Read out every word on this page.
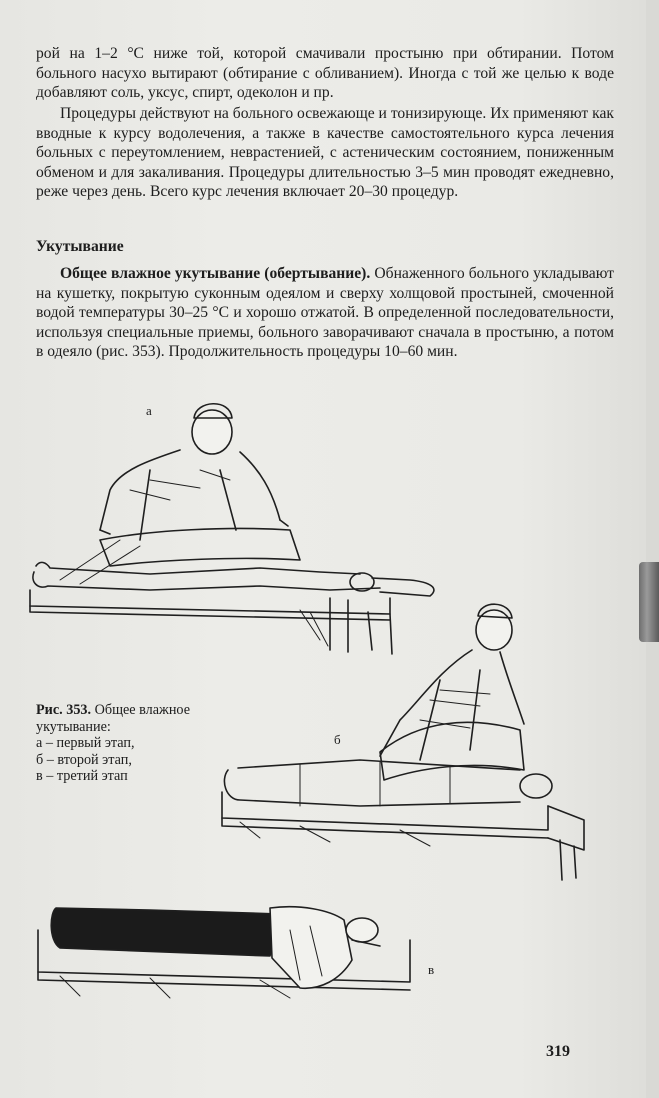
рой на 1–2 °С ниже той, которой смачивали простыню при обтирании. Потом больного насухо вытирают (обтирание с обливанием). Иногда с той же целью к воде добавляют соль, уксус, спирт, одеколон и пр.

Процедуры действуют на больного освежающе и тонизирующе. Их применяют как вводные к курсу водолечения, а также в качестве самостоятельного курса лечения больных с переутомлением, неврастенией, с астеническим состоянием, пониженным обменом и для закаливания. Процедуры длительностью 3–5 мин проводят ежедневно, реже через день. Всего курс лечения включает 20–30 процедур.

Укутывание

Общее влажное укутывание (обертывание). Обнаженного больного укладывают на кушетку, покрытую суконным одеялом и сверху холщовой простыней, смоченной водой температуры 30–25 °С и хорошо отжатой. В определенной последовательности, используя специальные приемы, больного заворачивают сначала в простыню, а потом в одеяло (рис. 353). Продолжительность процедуры 10–60 мин.

а
б
в
Рис. 353. Общее влажное
укутывание:
а – первый этап,
б – второй этап,
в – третий этап
319
